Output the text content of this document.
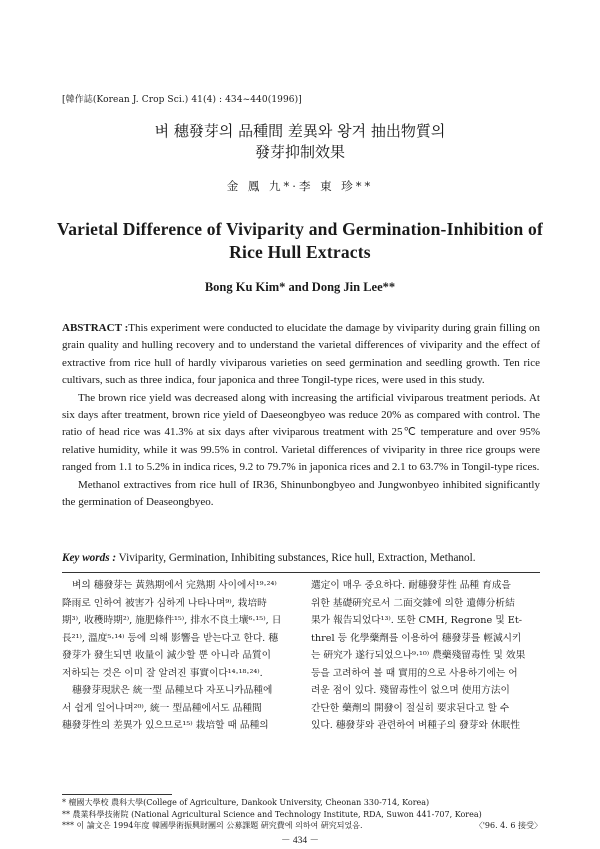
[韓作誌(Korean J. Crop Sci.) 41(4) : 434~440(1996)]
벼 穗發芽의 品種間 差異와 왕겨 抽出物質의
發芽抑制效果
金 鳳 九*·李 東 珍**
Varietal Difference of Viviparity and Germination-Inhibition of
Rice Hull Extracts
Bong Ku Kim* and Dong Jin Lee**

ABSTRACT :This experiment were conducted to elucidate the damage by viviparity during grain filling on grain quality and hulling recovery and to understand the varietal differences of viviparity and the effect of extractive from rice hull of hardly viviparous varieties on seed germination and seedling growth. Ten rice cultivars, such as three indica, four japonica and three Tongil-type rices, were used in this study.

The brown rice yield was decreased along with increasing the artificial viviparous treatment periods. At six days after treatment, brown rice yield of Daeseongbyeo was reduce 20% as compared with control. The ratio of head rice was 41.3% at six days after viviparous treatment with 25℃ temperature and over 95% relative humidity, while it was 99.5% in control. Varietal differences of viviparity in three rice groups were ranged from 1.1 to 5.2% in indica rices, 9.2 to 79.7% in japonica rices and 2.1 to 63.7% in Tongil-type rices.

Methanol extractives from rice hull of IR36, Shinunbongbyeo and Jungwonbyeo inhibited significantly the germination of Deaseongbyeo.

Key words : Viviparity, Germination, Inhibiting substances, Rice hull, Extraction, Methanol.
벼의 穗發芽는 黃熟期에서 完熟期 사이에서¹⁹·²⁴⁾
降雨로 인하여 被害가 심하게 나타나며⁹⁾, 栽培時
期³⁾, 收穫時期²⁾, 施肥條件¹⁵⁾, 排水不良土壤⁶·¹⁵⁾, 日
長²¹⁾, 溫度⁵·¹⁴⁾ 등에 의해 影響을 받는다고 한다. 穗
發芽가 發生되면 收量이 減少할 뿐 아니라 品質이
저하되는 것은 이미 잘 알려진 事實이다¹⁴·¹⁸·²⁴⁾.
穗發芽現狀은 統一型 品種보다 자포니카品種에
서 쉽게 일어나며²⁰⁾, 統一 型品種에서도 品種間
穗發芽性의 差異가 있으므로¹⁵⁾ 栽培할 때 品種의
選定이 매우 중요하다. 耐穗發芽性 品種 育成을
위한 基礎硏究로서 二面交雜에 의한 遺傳分析結
果가 報告되었다¹³⁾. 또한 CMH, Regrone 및 Et-
threl 등 化學藥劑를 이용하여 穗發芽를 輕減시키
는 硏究가 遂行되었으나⁹·¹⁰⁾ 農藥殘留毒性 및 效果
등을 고려하여 볼 때 實用的으로 사용하기에는 어
려운 점이 있다. 殘留毒性이 없으며 使用方法이
간단한 藥劑의 開發이 절실히 要求된다고 할 수
있다. 穗發芽와 관련하여 벼種子의 發芽와 休眠性
* 檀國大學校 農科大學(College of Agriculture, Dankook University, Cheonan 330-714, Korea)
** 農業科學技術院 (National Agricultural Science and Technology Institute, RDA, Suwon 441-707, Korea)
*** 이 論文은 1994年度 韓國學術振興財團의 公募課題 硏究費에 의하여 硏究되었음.	〈'96. 4. 6 接受〉
－ 434 －
